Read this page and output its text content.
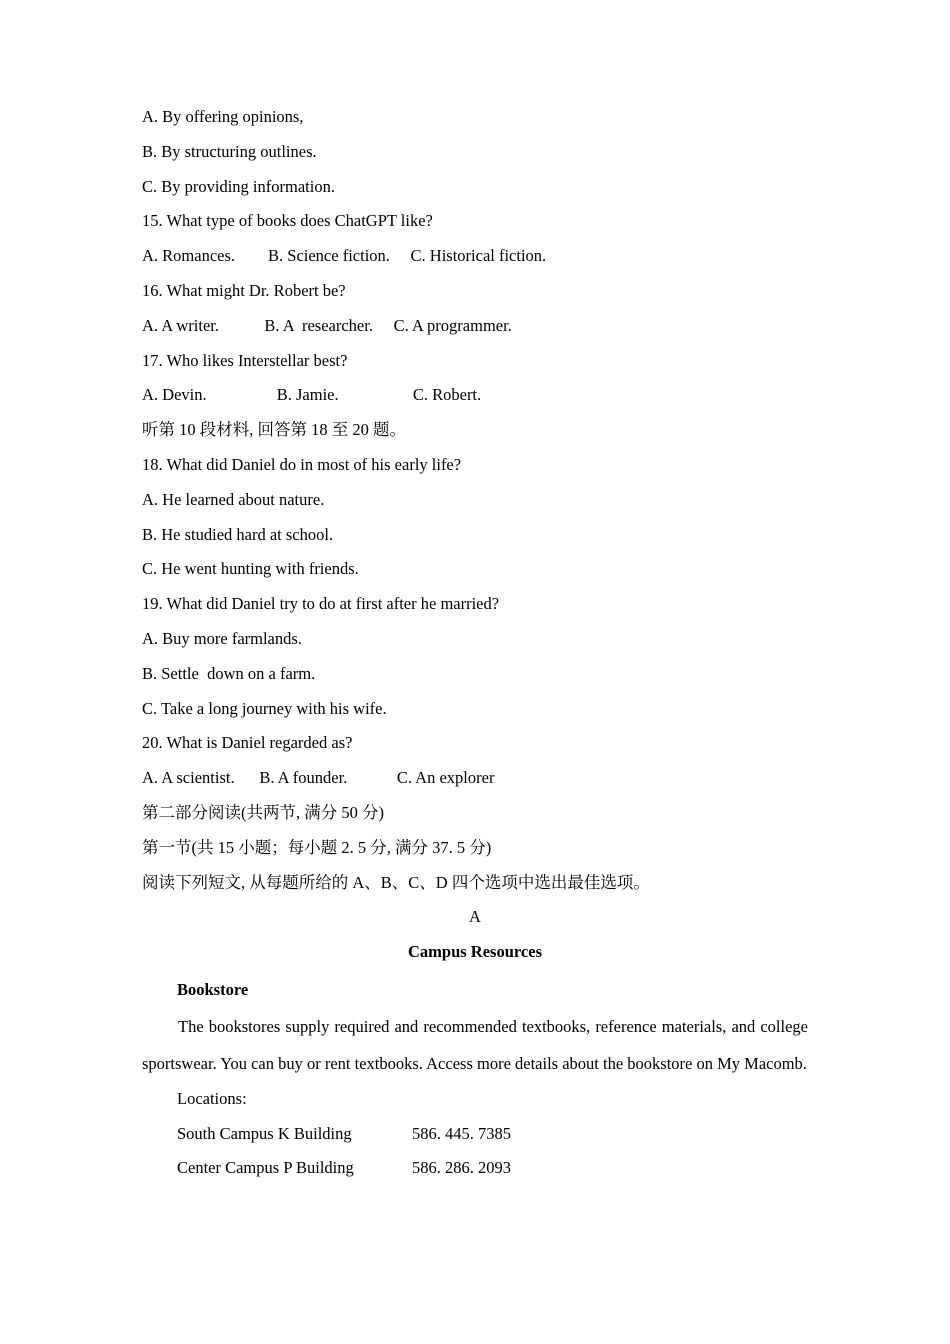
A. By offering opinions,
B. By structuring outlines.
C. By providing information.
15. What type of books does ChatGPT like?
A. Romances.        B. Science fiction.     C. Historical fiction.
16. What might Dr. Robert be?
A. A writer.           B. A  researcher.     C. A programmer.
17. Who likes Interstellar best?
A. Devin.                 B. Jamie.                  C. Robert.
听第 10 段材料, 回答第 18 至 20 题。
18. What did Daniel do in most of his early life?
A. He learned about nature.
B. He studied hard at school.
C. He went hunting with friends.
19. What did Daniel try to do at first after he married?
A. Buy more farmlands.
B. Settle  down on a farm.
C. Take a long journey with his wife.
20. What is Daniel regarded as?
A. A scientist.      B. A founder.            C. An explorer
第二部分阅读(共两节, 满分 50 分)
第一节(共 15 小题；每小题 2. 5 分, 满分 37. 5 分)
阅读下列短文, 从每题所给的 A、B、C、D 四个选项中选出最佳选项。
A
Campus Resources
Bookstore

The bookstores supply required and recommended textbooks, reference materials, and college sportswear. You can buy or rent textbooks. Access more details about the bookstore on My Macomb.

Locations:
South Campus K Building	586. 445. 7385
Center Campus P Building	586. 286. 2093
